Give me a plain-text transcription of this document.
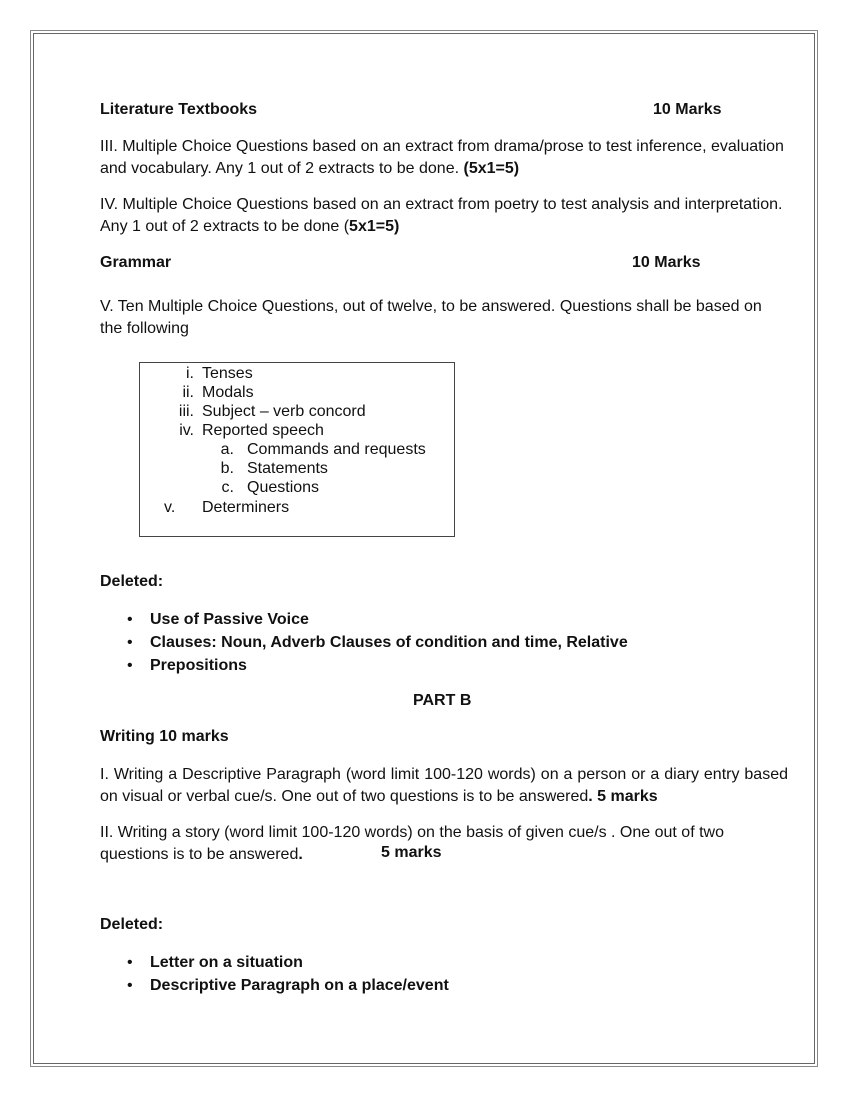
Literature Textbooks	10 Marks
III. Multiple Choice Questions based on an extract from drama/prose to test inference, evaluation and vocabulary. Any 1 out of 2 extracts to be done. (5x1=5)
IV. Multiple Choice Questions based on an extract from poetry to test analysis and interpretation. Any 1 out of 2 extracts to be done (5x1=5)
Grammar	10 Marks
V. Ten Multiple Choice Questions, out of twelve, to be answered. Questions shall be based on the following
i. Tenses
ii. Modals
iii. Subject – verb concord
iv. Reported speech
a. Commands and requests
b. Statements
c. Questions
v. Determiners
Deleted:
• Use of Passive Voice
• Clauses: Noun, Adverb Clauses of condition and time, Relative
• Prepositions
PART B
Writing 10 marks
I. Writing a Descriptive Paragraph (word limit 100-120 words) on a person or a diary entry based on visual or verbal cue/s. One out of two questions is to be answered. 5 marks
II. Writing a story (word limit 100-120 words) on the basis of given cue/s . One out of two questions is to be answered.	5 marks
Deleted:
• Letter on a situation
• Descriptive Paragraph on a place/event
